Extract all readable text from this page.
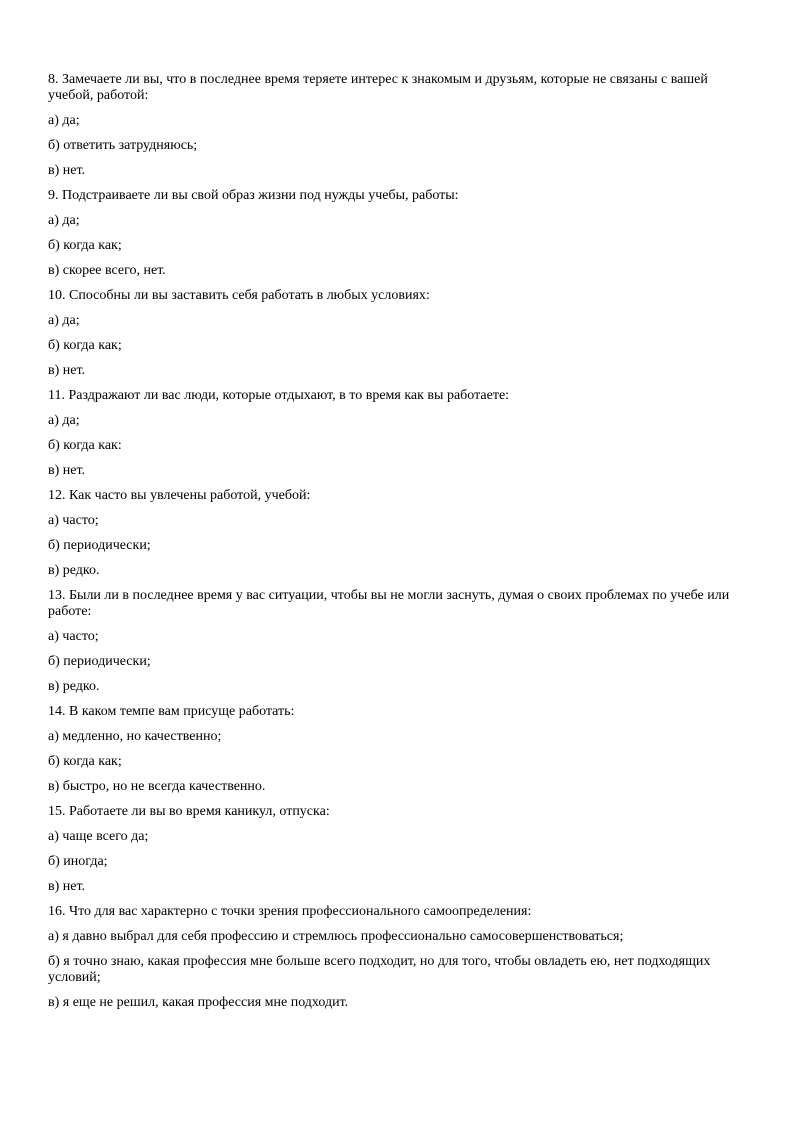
8. Замечаете ли вы, что в последнее время теряете интерес к знакомым и друзьям, которые не связаны с вашей учебой, работой:

а) да;

б) ответить затрудняюсь;

в) нет.

9. Подстраиваете ли вы свой образ жизни под нужды учебы, работы:

а) да;

б) когда как;

в) скорее всего, нет.

10. Способны ли вы заставить себя работать в любых условиях:

а) да;

б) когда как;

в) нет.

11. Раздражают ли вас люди, которые отдыхают, в то время как вы работаете:

а) да;

б) когда как:

в) нет.

12. Как часто вы увлечены работой, учебой:

а) часто;

б) периодически;

в) редко.

13. Были ли в последнее время у вас ситуации, чтобы вы не могли заснуть, думая о своих проблемах по учебе или работе:

а) часто;

б) периодически;

в) редко.

14. В каком темпе вам присуще работать:

а) медленно, но качественно;

б) когда как;

в) быстро, но не всегда качественно.

15. Работаете ли вы во время каникул, отпуска:

а) чаще всего да;

б) иногда;

в) нет.

16. Что для вас характерно с точки зрения профессионального самоопределения:

а) я давно выбрал для себя профессию и стремлюсь профессионально самосовершенствоваться;

б) я точно знаю, какая профессия мне больше всего подходит, но для того, чтобы овладеть ею, нет подходящих условий;

в) я еще не решил, какая профессия мне подходит.
